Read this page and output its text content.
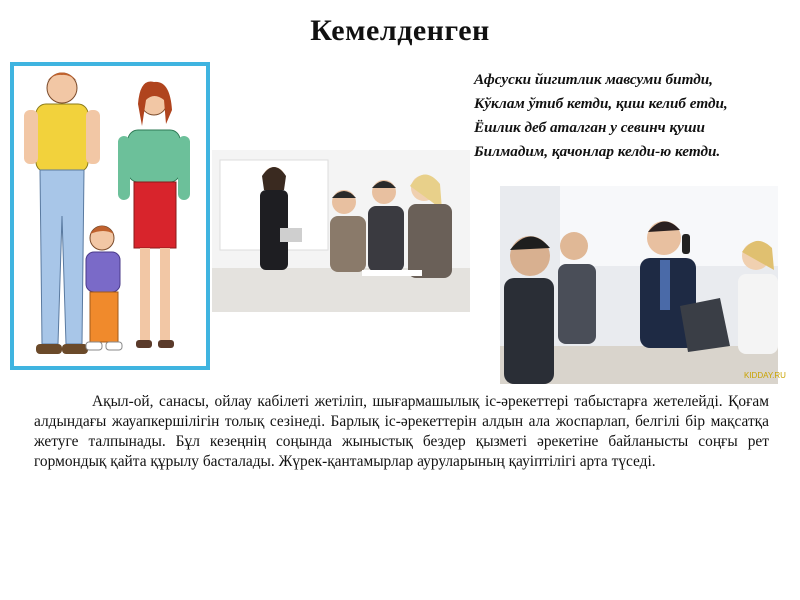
Кемелденген
Афсуски йигитлик мавсуми битди,
Кўклам ўтиб кетди, қиш келиб етди,
Ёшлик деб аталган у севинч қуши
Билмадим, қачонлар келди-ю кетди.
KIDDAY.RU
Ақыл-ой, санасы, ойлау кабілеті жетіліп, шығармашылық іс-әрекеттері табыстарға жетелейді. Қоғам алдындағы жауапкершілігін толық сезінеді. Барлық іс-әрекеттерін алдын ала жоспарлап, белгілі бір мақсатқа жетуге талпынады. Бұл кезеңнің соңында жыныстық бездер қызметі әрекетіне байланысты соңғы рет гормондық қайта құрылу басталады. Жүрек-қантамырлар ауруларының қауіптілігі арта түседі.
